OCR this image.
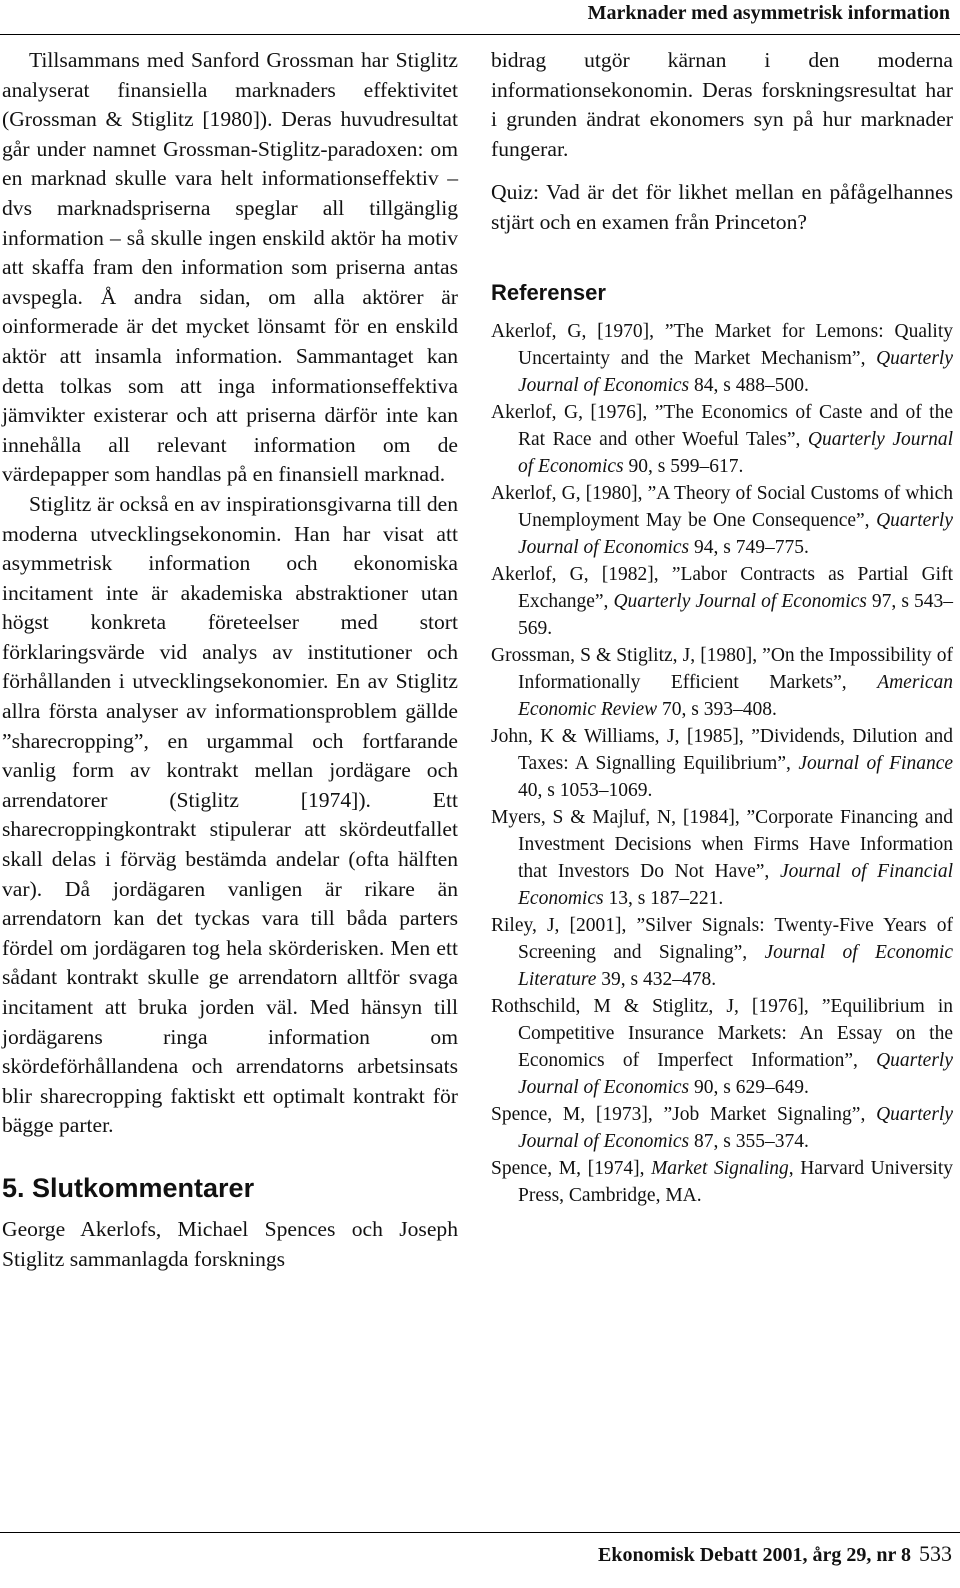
Marknader med asymmetrisk information

Tillsammans med Sanford Grossman har Stiglitz analyserat finansiella marknaders effektivitet (Grossman & Stiglitz [1980]). Deras huvudresultat går under namnet Grossman-Stiglitz-paradoxen: om en marknad skulle vara helt informationseffektiv – dvs marknadspriserna speglar all tillgänglig information – så skulle ingen enskild aktör ha motiv att skaffa fram den information som priserna antas avspegla. Å andra sidan, om alla aktörer är oinformerade är det mycket lönsamt för en enskild aktör att insamla information. Sammantaget kan detta tolkas som att inga informationseffektiva jämvikter existerar och att priserna därför inte kan innehålla all relevant information om de värdepapper som handlas på en finansiell marknad.

Stiglitz är också en av inspirationsgivarna till den moderna utvecklingsekonomin. Han har visat att asymmetrisk information och ekonomiska incitament inte är akademiska abstraktioner utan högst konkreta företeelser med stort förklaringsvärde vid analys av institutioner och förhållanden i utvecklingsekonomier. En av Stiglitz allra första analyser av informationsproblem gällde ”sharecropping”, en urgammal och fortfarande vanlig form av kontrakt mellan jordägare och arrendatorer (Stiglitz [1974]). Ett sharecroppingkontrakt stipulerar att skördeutfallet skall delas i förväg bestämda andelar (ofta hälften var). Då jordägaren vanligen är rikare än arrendatorn kan det tyckas vara till båda parters fördel om jordägaren tog hela skörderisken. Men ett sådant kontrakt skulle ge arrendatorn alltför svaga incitament att bruka jorden väl. Med hänsyn till jordägarens ringa information om skördeförhållandena och arrendatorns arbetsinsats blir sharecropping faktiskt ett optimalt kontrakt för bägge parter.

5. Slutkommentarer

George Akerlofs, Michael Spences och Joseph Stiglitz sammanlagda forsknings

bidrag utgör kärnan i den moderna informationsekonomin. Deras forskningsresultat har i grunden ändrat ekonomers syn på hur marknader fungerar.

Quiz: Vad är det för likhet mellan en påfågelhannes stjärt och en examen från Princeton?

Referenser

Akerlof, G, [1970], ”The Market for Lemons: Quality Uncertainty and the Market Mechanism”, Quarterly Journal of Economics 84, s 488–500.

Akerlof, G, [1976], ”The Economics of Caste and of the Rat Race and other Woeful Tales”, Quarterly Journal of Economics 90, s 599–617.

Akerlof, G, [1980], ”A Theory of Social Customs of which Unemployment May be One Consequence”, Quarterly Journal of Economics 94, s 749–775.

Akerlof, G, [1982], ”Labor Contracts as Partial Gift Exchange”, Quarterly Journal of Economics 97, s 543–569.

Grossman, S & Stiglitz, J, [1980], ”On the Impossibility of Informationally Efficient Markets”, American Economic Review 70, s 393–408.

John, K & Williams, J, [1985], ”Dividends, Dilution and Taxes: A Signalling Equilibrium”, Journal of Finance 40, s 1053–1069.

Myers, S & Majluf, N, [1984], ”Corporate Financing and Investment Decisions when Firms Have Information that Investors Do Not Have”, Journal of Financial Economics 13, s 187–221.

Riley, J, [2001], ”Silver Signals: Twenty-Five Years of Screening and Signaling”, Journal of Economic Literature 39, s 432–478.

Rothschild, M & Stiglitz, J, [1976], ”Equilibrium in Competitive Insurance Markets: An Essay on the Economics of Imperfect Information”, Quarterly Journal of Economics 90, s 629–649.

Spence, M, [1973], ”Job Market Signaling”, Quarterly Journal of Economics 87, s 355–374.

Spence, M, [1974], Market Signaling, Harvard University Press, Cambridge, MA.

Ekonomisk Debatt 2001, årg 29, nr 8 533
